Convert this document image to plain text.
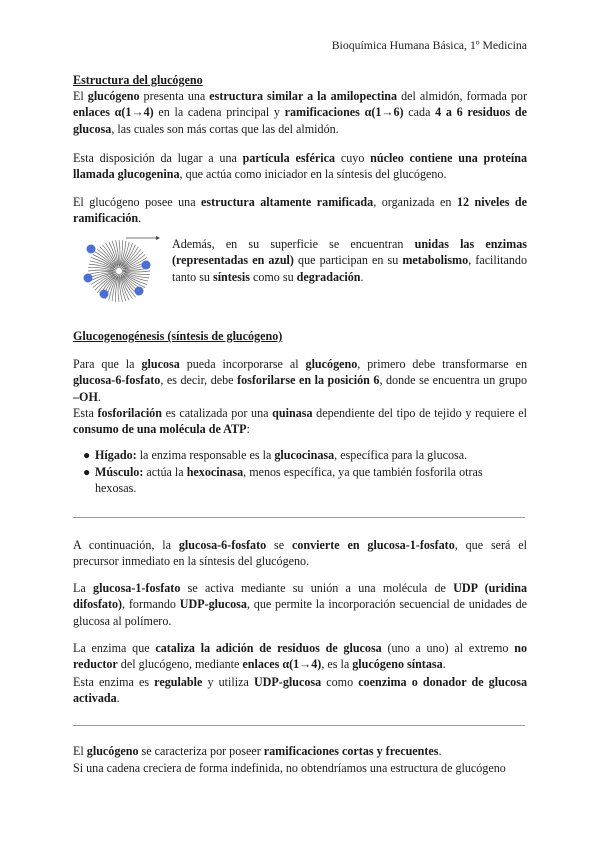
Bioquímica Humana Básica, 1º Medicina

Estructura del glucógeno

El glucógeno presenta una estructura similar a la amilopectina del almidón, formada por enlaces α(1→4) en la cadena principal y ramificaciones α(1→6) cada 4 a 6 residuos de glucosa, las cuales son más cortas que las del almidón.

Esta disposición da lugar a una partícula esférica cuyo núcleo contiene una proteína llamada glucogenina, que actúa como iniciador en la síntesis del glucógeno.

El glucógeno posee una estructura altamente ramificada, organizada en 12 niveles de ramificación.

Además, en su superficie se encuentran unidas las enzimas (representadas en azul) que participan en su metabolismo, facilitando tanto su síntesis como su degradación.

Glucogenogénesis (síntesis de glucógeno)

Para que la glucosa pueda incorporarse al glucógeno, primero debe transformarse en glucosa-6-fosfato, es decir, debe fosforilarse en la posición 6, donde se encuentra un grupo –OH.

Esta fosforilación es catalizada por una quinasa dependiente del tipo de tejido y requiere el consumo de una molécula de ATP:

● Hígado: la enzima responsable es la glucocinasa, específica para la glucosa.

● Músculo: actúa la hexocinasa, menos específica, ya que también fosforila otras hexosas.

A continuación, la glucosa-6-fosfato se convierte en glucosa-1-fosfato, que será el precursor inmediato en la síntesis del glucógeno.

La glucosa-1-fosfato se activa mediante su unión a una molécula de UDP (uridina difosfato), formando UDP-glucosa, que permite la incorporación secuencial de unidades de glucosa al polímero.

La enzima que cataliza la adición de residuos de glucosa (uno a uno) al extremo no reductor del glucógeno, mediante enlaces α(1→4), es la glucógeno síntasa.

Esta enzima es regulable y utiliza UDP-glucosa como coenzima o donador de glucosa activada.

El glucógeno se caracteriza por poseer ramificaciones cortas y frecuentes.

Si una cadena creciera de forma indefinida, no obtendríamos una estructura de glucógeno
